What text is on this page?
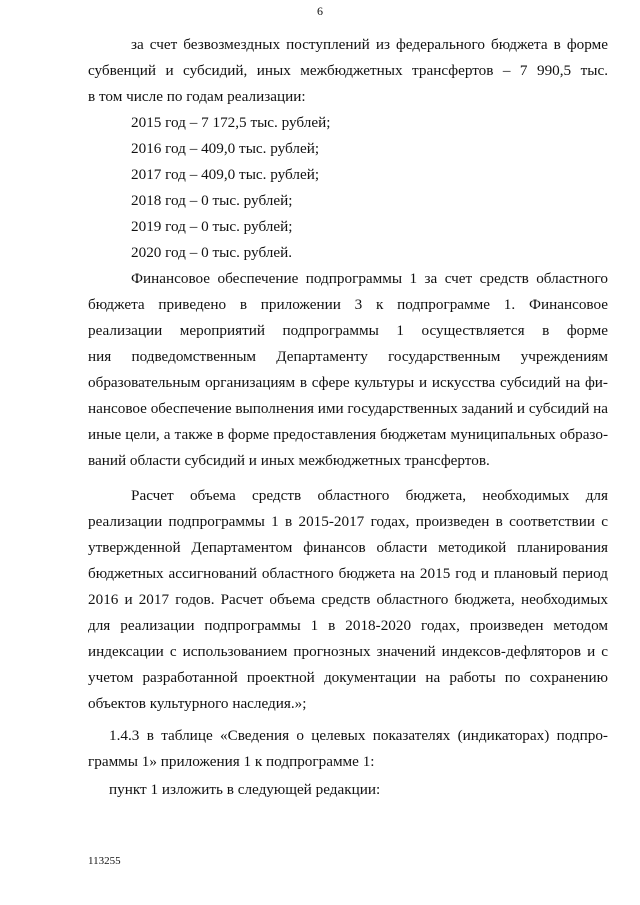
6
за счет безвозмездных поступлений из федерального бюджета в форме
субвенций и субсидий, иных межбюджетных трансфертов – 7 990,5 тыс.
в том числе по годам реализации:
2015 год – 7 172,5 тыс. рублей;
2016 год – 409,0 тыс. рублей;
2017 год – 409,0 тыс. рублей;
2018 год – 0 тыс. рублей;
2019 год – 0 тыс. рублей;
2020 год – 0 тыс. рублей.
Финансовое обеспечение подпрограммы 1 за счет средств областного
бюджета приведено в приложении 3 к подпрограмме 1. Финансовое
реализации мероприятий подпрограммы 1 осуществляется в форме
ния подведомственным Департаменту государственным учреждениям
образовательным организациям в сфере культуры и искусства субсидий на фи-
нансовое обеспечение выполнения ими государственных заданий и субсидий на
иные цели, а также в форме предоставления бюджетам муниципальных образо-
ваний области субсидий и иных межбюджетных трансфертов.
Расчет объема средств областного бюджета, необходимых для
реализации подпрограммы 1 в 2015-2017 годах, произведен в соответствии с
утвержденной Департаментом финансов области методикой планирования
бюджетных ассигнований областного бюджета на 2015 год и плановый период
2016 и 2017 годов. Расчет объема средств областного бюджета, необходимых
для реализации подпрограммы 1 в 2018-2020 годах, произведен методом
индексации с использованием прогнозных значений индексов-дефляторов и с
учетом разработанной проектной документации на работы по сохранению
объектов культурного наследия.»;
1.4.3 в таблице «Сведения о целевых показателях (индикаторах) подпро-
граммы 1» приложения 1 к подпрограмме 1:
пункт 1 изложить в следующей редакции:
113255
